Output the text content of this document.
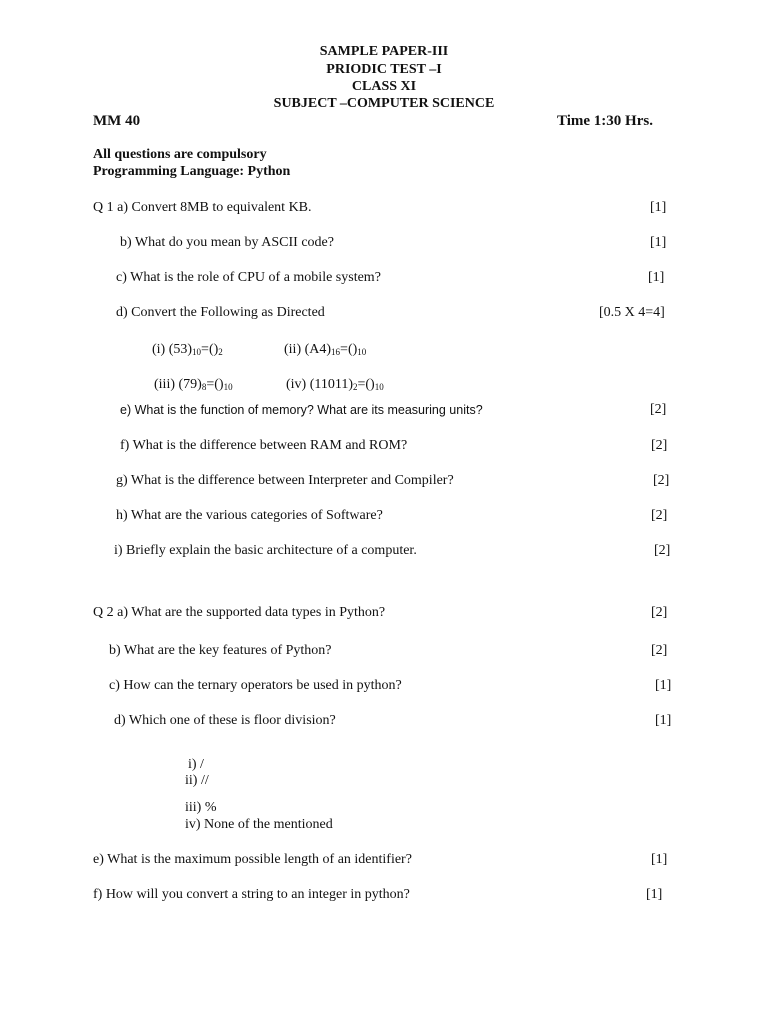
SAMPLE PAPER-III
PRIODIC TEST –I
CLASS XI
SUBJECT –COMPUTER SCIENCE
MM 40	Time 1:30 Hrs.
All questions are compulsory
Programming Language: Python
Q 1 a) Convert 8MB to equivalent KB.	[1]
b) What do you mean by ASCII code?	[1]
c) What is the role of CPU of a mobile system?	[1]
d) Convert the Following as Directed	[0.5 X 4=4]
(i) $(53)_{10}=()_2$	(ii) $(A4)_{16}=()_{10}$
(iii) $(79)_8=()_{10}$	(iv) $(11011)_2=()_{10}$
e) What is the function of memory? What are its measuring units?	[2]
f) What is the difference between RAM and ROM?	[2]
g) What is the difference between Interpreter and Compiler?	[2]
h) What are the various categories of Software?	[2]
i) Briefly explain the basic architecture of a computer.	[2]
Q 2 a) What are the supported data types in Python?	[2]
b) What are the key features of Python?	[2]
c) How can the ternary operators be used in python?	[1]
d) Which one of these is floor division?	[1]
i) /
ii) //
iii) %
iv) None of the mentioned
e) What is the maximum possible length of an identifier?	[1]
f) How will you convert a string to an integer in python?	[1]
